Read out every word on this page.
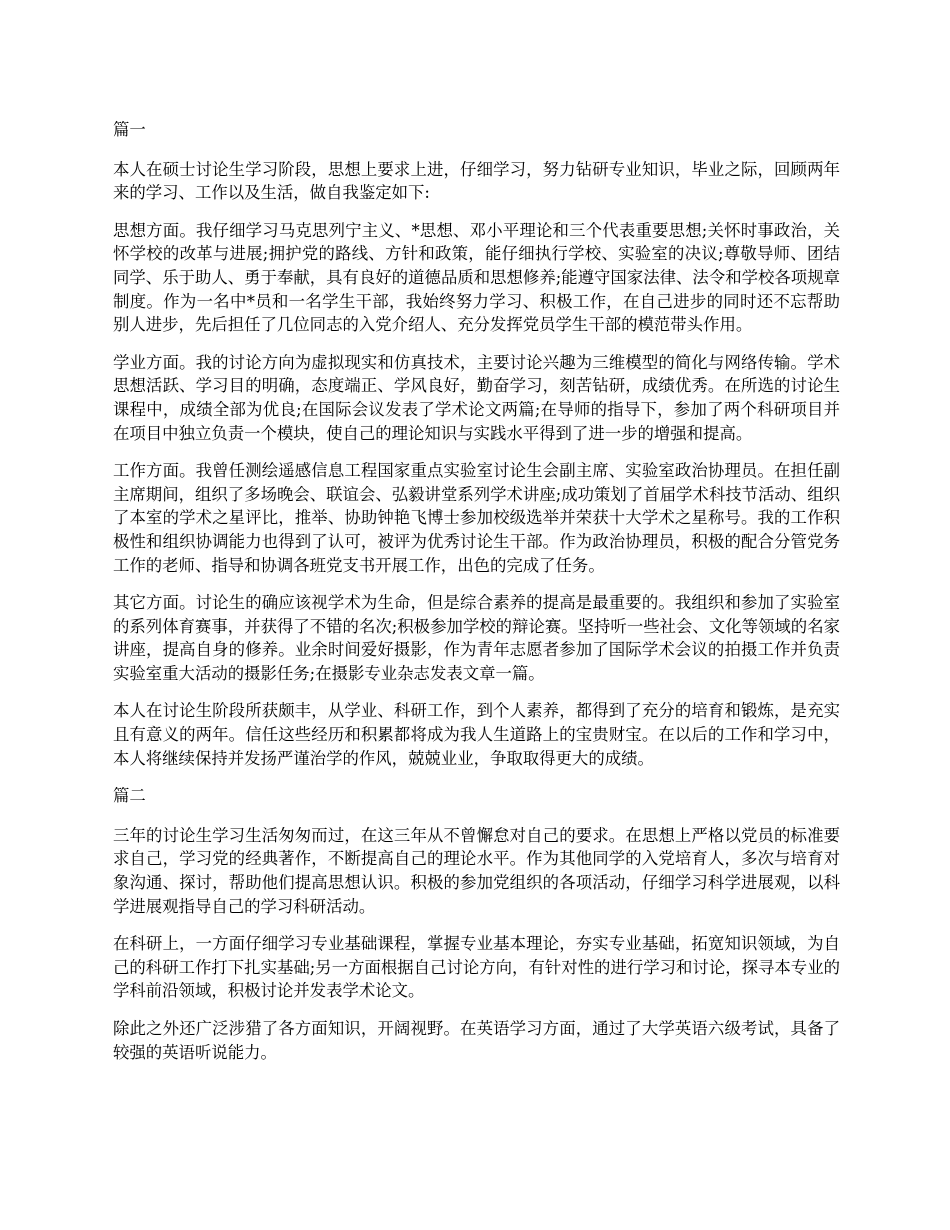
篇一

本人在硕士讨论生学习阶段，思想上要求上进，仔细学习，努力钻研专业知识，毕业之际，回顾两年来的学习、工作以及生活，做自我鉴定如下:

思想方面。我仔细学习马克思列宁主义、*思想、邓小平理论和三个代表重要思想;关怀时事政治，关怀学校的改革与进展;拥护党的路线、方针和政策，能仔细执行学校、实验室的决议;尊敬导师、团结同学、乐于助人、勇于奉献，具有良好的道德品质和思想修养;能遵守国家法律、法令和学校各项规章制度。作为一名中*员和一名学生干部，我始终努力学习、积极工作，在自己进步的同时还不忘帮助别人进步，先后担任了几位同志的入党介绍人、充分发挥党员学生干部的模范带头作用。

学业方面。我的讨论方向为虚拟现实和仿真技术，主要讨论兴趣为三维模型的简化与网络传输。学术思想活跃、学习目的明确，态度端正、学风良好，勤奋学习，刻苦钻研，成绩优秀。在所选的讨论生课程中，成绩全部为优良;在国际会议发表了学术论文两篇;在导师的指导下，参加了两个科研项目并在项目中独立负责一个模块，使自己的理论知识与实践水平得到了进一步的增强和提高。

工作方面。我曾任测绘遥感信息工程国家重点实验室讨论生会副主席、实验室政治协理员。在担任副主席期间，组织了多场晚会、联谊会、弘毅讲堂系列学术讲座;成功策划了首届学术科技节活动、组织了本室的学术之星评比，推举、协助钟艳飞博士参加校级选举并荣获十大学术之星称号。我的工作积极性和组织协调能力也得到了认可，被评为优秀讨论生干部。作为政治协理员，积极的配合分管党务工作的老师、指导和协调各班党支书开展工作，出色的完成了任务。

其它方面。讨论生的确应该视学术为生命，但是综合素养的提高是最重要的。我组织和参加了实验室的系列体育赛事，并获得了不错的名次;积极参加学校的辩论赛。坚持听一些社会、文化等领域的名家讲座，提高自身的修养。业余时间爱好摄影，作为青年志愿者参加了国际学术会议的拍摄工作并负责实验室重大活动的摄影任务;在摄影专业杂志发表文章一篇。

本人在讨论生阶段所获颇丰，从学业、科研工作，到个人素养，都得到了充分的培育和锻炼，是充实且有意义的两年。信任这些经历和积累都将成为我人生道路上的宝贵财宝。在以后的工作和学习中，本人将继续保持并发扬严谨治学的作风，兢兢业业，争取取得更大的成绩。

篇二

三年的讨论生学习生活匆匆而过，在这三年从不曾懈怠对自己的要求。在思想上严格以党员的标准要求自己，学习党的经典著作，不断提高自己的理论水平。作为其他同学的入党培育人，多次与培育对象沟通、探讨，帮助他们提高思想认识。积极的参加党组织的各项活动，仔细学习科学进展观，以科学进展观指导自己的学习科研活动。

在科研上，一方面仔细学习专业基础课程，掌握专业基本理论，夯实专业基础，拓宽知识领域，为自己的科研工作打下扎实基础;另一方面根据自己讨论方向，有针对性的进行学习和讨论，探寻本专业的学科前沿领域，积极讨论并发表学术论文。

除此之外还广泛涉猎了各方面知识，开阔视野。在英语学习方面，通过了大学英语六级考试，具备了较强的英语听说能力。
